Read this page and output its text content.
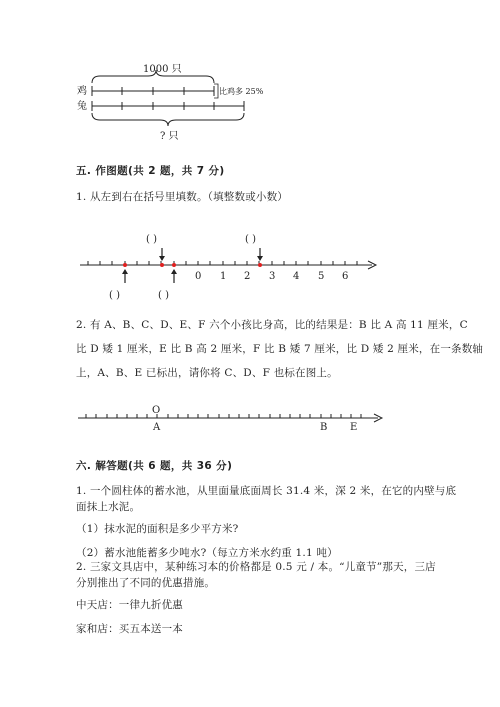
1000 只
鸡	比鸡多 25%
兔
? 只
五. 作图题(共 2 题，共 7 分)
1. 从左到右在括号里填数。（填整数或小数）
( )	( )
0 1 2 3 4 5 6
( )	( )
2. 有 A、B、C、D、E、F 六个小孩比身高，比的结果是：B 比 A 高 11 厘米，C
比 D 矮 1 厘米，E 比 B 高 2 厘米，F 比 B 矮 7 厘米，比 D 矮 2 厘米，在一条数轴
上，A、B、E 已标出，请你将 C、D、F 也标在图上。
O
A	B E
六. 解答题(共 6 题，共 36 分)
1. 一个圆柱体的蓄水池，从里面量底面周长 31.4 米，深 2 米，在它的内壁与底
面抹上水泥。
（1）抹水泥的面积是多少平方米?
（2）蓄水池能蓄多少吨水?（每立方米水约重 1.1 吨）
2. 三家文具店中，某种练习本的价格都是 0.5 元 / 本。“儿童节”那天，三店
分别推出了不同的优惠措施。
中天店：一律九折优惠
家和店：买五本送一本
